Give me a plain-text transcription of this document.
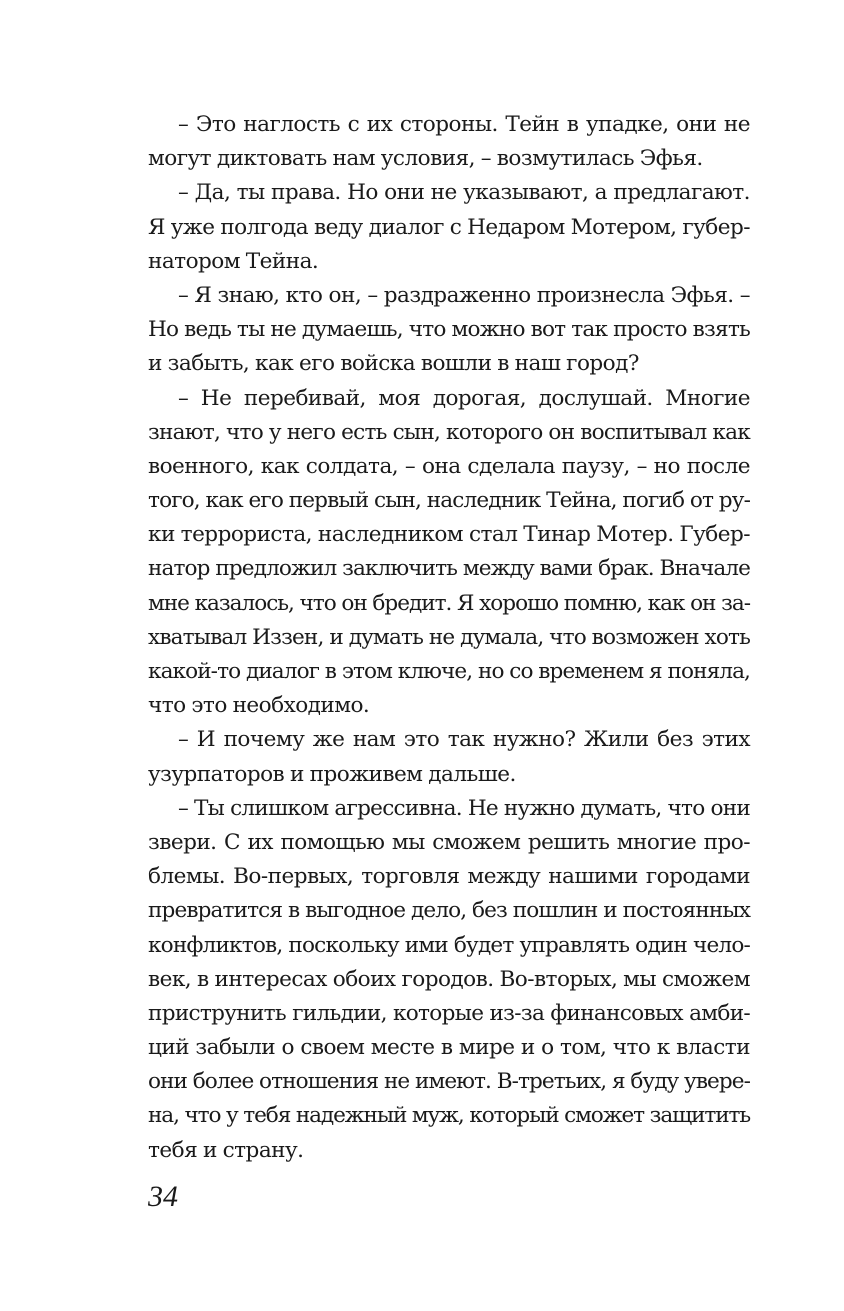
– Это наглость с их стороны. Тейн в упадке, они не
могут диктовать нам условия, – возмутилась Эфья.
– Да, ты права. Но они не указывают, а предлагают.
Я уже полгода веду диалог с Недаром Мотером, губер-
натором Тейна.
– Я знаю, кто он, – раздраженно произнесла Эфья. –
Но ведь ты не думаешь, что можно вот так просто взять
и забыть, как его войска вошли в наш город?
– Не перебивай, моя дорогая, дослушай. Многие
знают, что у него есть сын, которого он воспитывал как
военного, как солдата, – она сделала паузу, – но после
того, как его первый сын, наследник Тейна, погиб от ру-
ки террориста, наследником стал Тинар Мотер. Губер-
натор предложил заключить между вами брак. Вначале
мне казалось, что он бредит. Я хорошо помню, как он за-
хватывал Иззен, и думать не думала, что возможен хоть
какой-то диалог в этом ключе, но со временем я поняла,
что это необходимо.
– И почему же нам это так нужно? Жили без этих
узурпаторов и проживем дальше.
– Ты слишком агрессивна. Не нужно думать, что они
звери. С их помощью мы сможем решить многие про-
блемы. Во-первых, торговля между нашими городами
превратится в выгодное дело, без пошлин и постоянных
конфликтов, поскольку ими будет управлять один чело-
век, в интересах обоих городов. Во-вторых, мы сможем
приструнить гильдии, которые из-за финансовых амби-
ций забыли о своем месте в мире и о том, что к власти
они более отношения не имеют. В-третьих, я буду увере-
на, что у тебя надежный муж, который сможет защитить
тебя и страну.
34
